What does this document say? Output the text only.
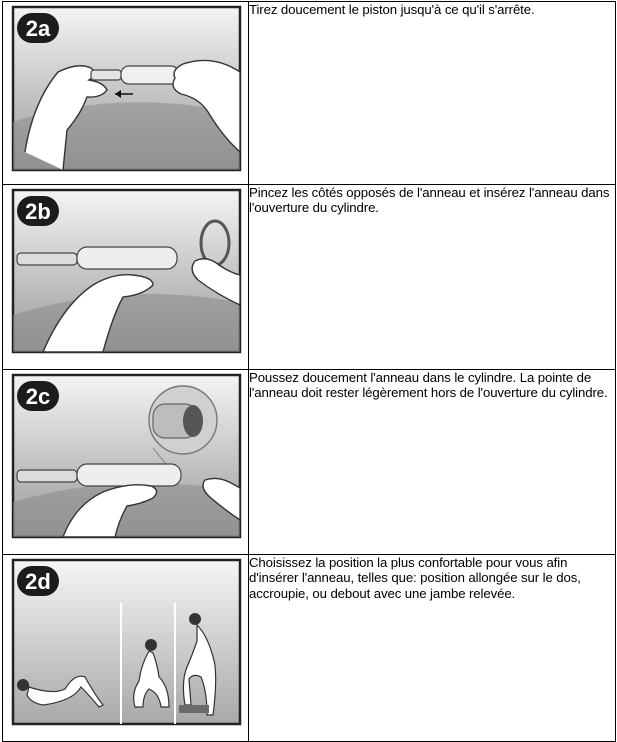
2a	Tirez doucement le piston jusqu'à ce qu'il s'arrête.

2b	Pincez les côtés opposés de l'anneau et insérez l'anneau dans l'ouverture du cylindre.

2c	Poussez doucement l'anneau dans le cylindre. La pointe de l'anneau doit rester légèrement hors de l'ouverture du cylindre.

2d	Choisissez la position la plus confortable pour vous afin d'insérer l'anneau, telles que: position allongée sur le dos, accroupie, ou debout avec une jambe relevée.
